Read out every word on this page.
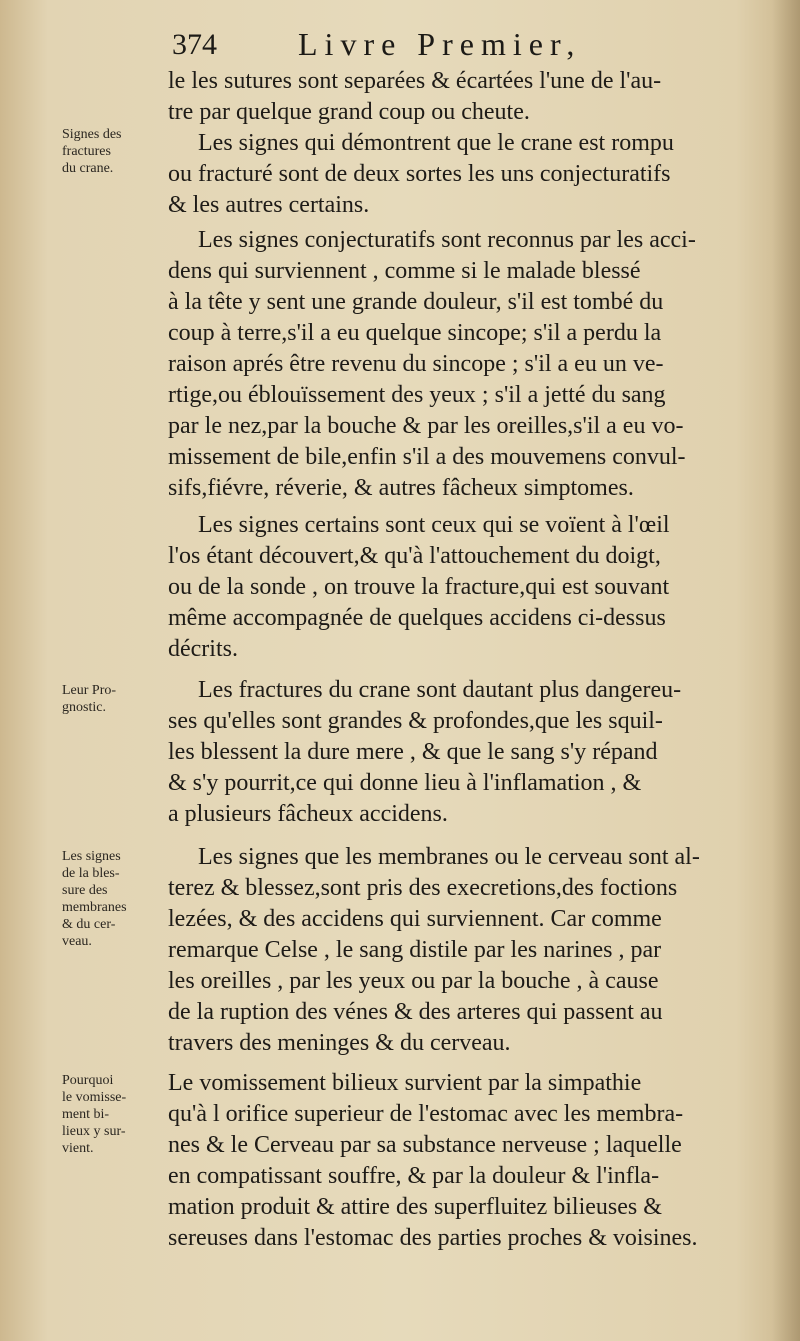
374	Livre Premier,
Signes des
fractures
du crane.
Leur Pro-
gnostic.
Les signes
de la bles-
sure des
membranes
& du cer-
veau.
Pourquoi
le vomisse-
ment bi-
lieux y sur-
vient.
le les sutures sont separées & écartées l'une de l'au-
tre par quelque grand coup ou cheute.
Les signes qui démontrent que le crane est rompu
ou fracturé sont de deux sortes les uns conjecturatifs
& les autres certains.
Les signes conjecturatifs sont reconnus par les acci-
dens qui surviennent , comme si le malade blessé
à la tête y sent une grande douleur, s'il est tombé du
coup à terre,s'il a eu quelque sincope; s'il a perdu la
raison aprés être revenu du sincope ; s'il a eu un ve-
rtige,ou éblouïssement des yeux ; s'il a jetté du sang
par le nez,par la bouche & par les oreilles,s'il a eu vo-
missement de bile,enfin s'il a des mouvemens convul-
sifs,fiévre, réverie, & autres fâcheux simptomes.
Les signes certains sont ceux qui se voïent à l'œil
l'os étant découvert,& qu'à l'attouchement du doigt,
ou de la sonde , on trouve la fracture,qui est souvant
même accompagnée de quelques accidens ci-dessus
décrits.
Les fractures du crane sont dautant plus dangereu-
ses qu'elles sont grandes & profondes,que les squil-
les blessent la dure mere , & que le sang s'y répand
& s'y pourrit,ce qui donne lieu à l'inflamation , &
a plusieurs fâcheux accidens.
Les signes que les membranes ou le cerveau sont al-
terez & blessez,sont pris des execretions,des foctions
lezées, & des accidens qui surviennent. Car comme
remarque Celse , le sang distile par les narines , par
les oreilles , par les yeux ou par la bouche , à cause
de la ruption des vénes & des arteres qui passent au
travers des meninges & du cerveau.
Le vomissement bilieux survient par la simpathie
qu'à l orifice superieur de l'estomac avec les membra-
nes & le Cerveau par sa substance nerveuse ; laquelle
en compatissant souffre, & par la douleur & l'infla-
mation produit & attire des superfluitez bilieuses &
sereuses dans l'estomac des parties proches & voisines.
